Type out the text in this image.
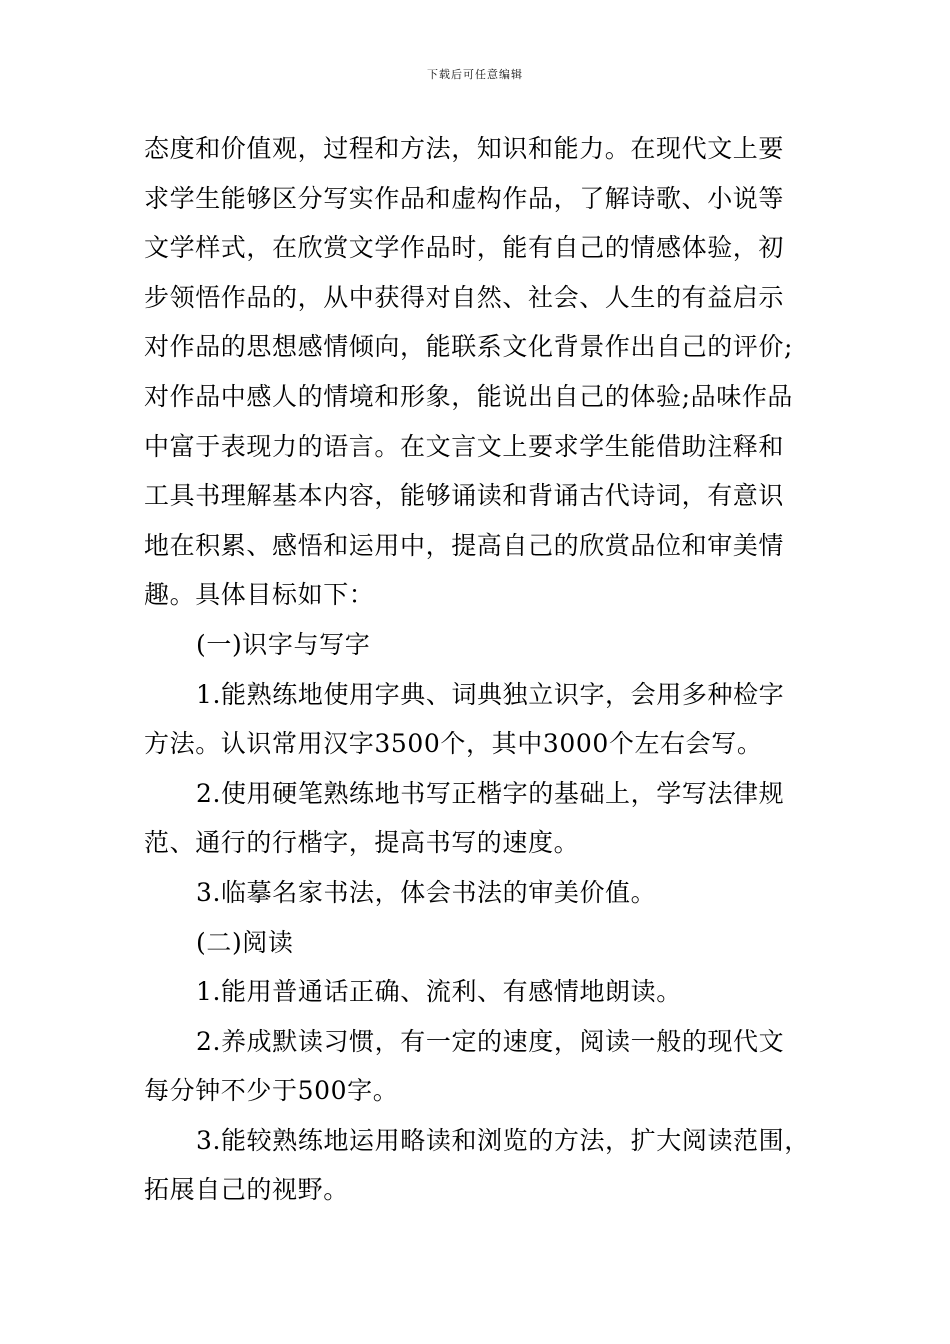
下载后可任意编辑
态度和价值观，过程和方法，知识和能力。在现代文上要
求学生能够区分写实作品和虚构作品，了解诗歌、小说等
文学样式，在欣赏文学作品时，能有自己的情感体验，初
步领悟作品的，从中获得对自然、社会、人生的有益启示
对作品的思想感情倾向，能联系文化背景作出自己的评价;
对作品中感人的情境和形象，能说出自己的体验;品味作品
中富于表现力的语言。在文言文上要求学生能借助注释和
工具书理解基本内容，能够诵读和背诵古代诗词，有意识
地在积累、感悟和运用中，提高自己的欣赏品位和审美情
趣。具体目标如下：
(一)识字与写字
1.能熟练地使用字典、词典独立识字，会用多种检字
方法。认识常用汉字3500个，其中3000个左右会写。
2.使用硬笔熟练地书写正楷字的基础上，学写法律规
范、通行的行楷字，提高书写的速度。
3.临摹名家书法，体会书法的审美价值。
(二)阅读
1.能用普通话正确、流利、有感情地朗读。
2.养成默读习惯，有一定的速度，阅读一般的现代文
每分钟不少于500字。
3.能较熟练地运用略读和浏览的方法，扩大阅读范围，
拓展自己的视野。
